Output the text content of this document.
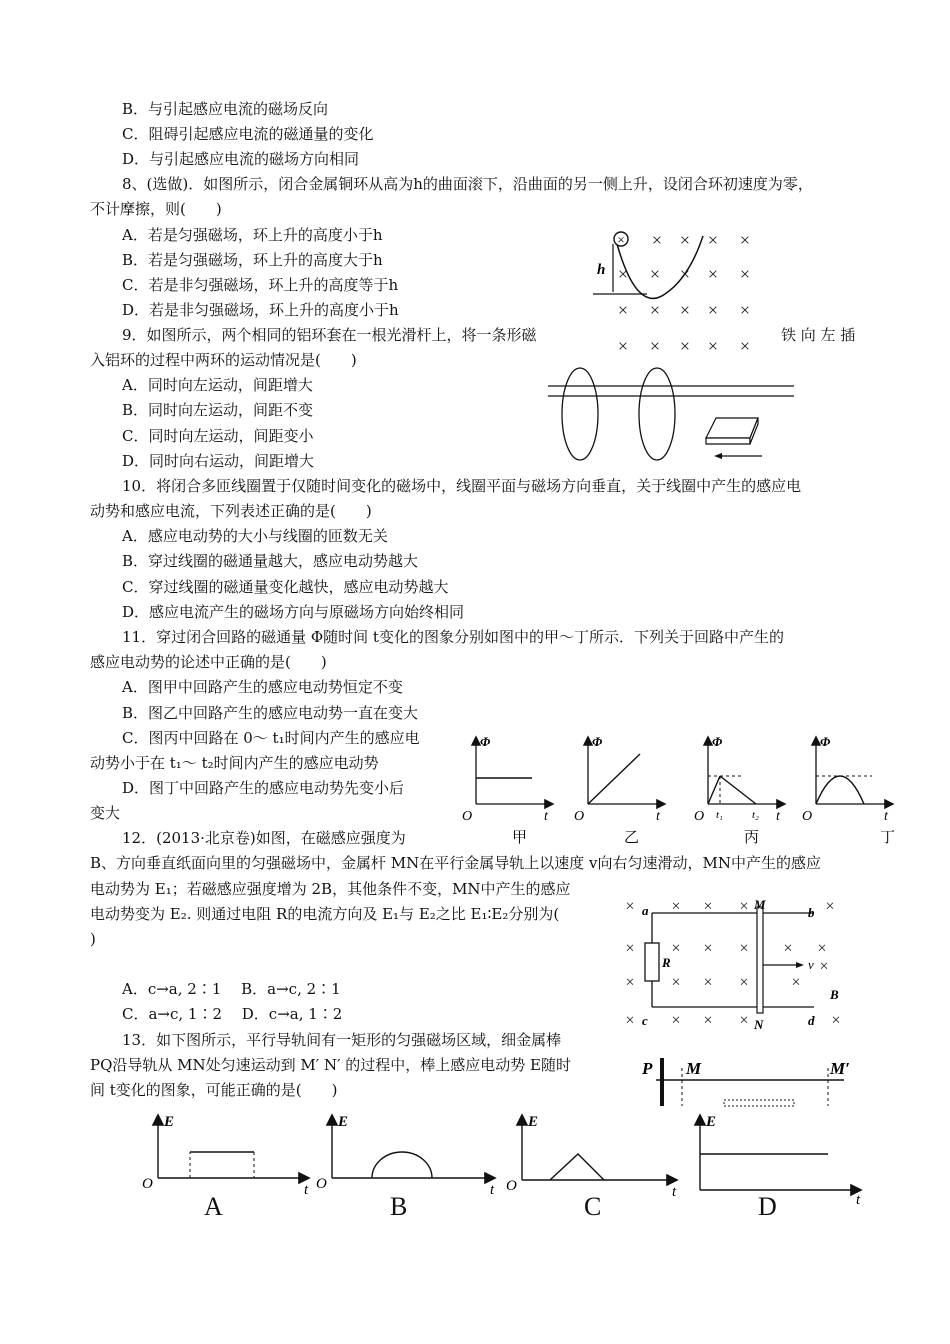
B．与引起感应电流的磁场反向
C．阻碍引起感应电流的磁通量的变化
D．与引起感应电流的磁场方向相同
8、(选做)．如图所示，闭合金属铜环从高为h的曲面滚下，沿曲面的另一侧上升，设闭合环初速度为零，
不计摩擦，则(　　)
A．若是匀强磁场，环上升的高度小于h
B．若是匀强磁场，环上升的高度大于h
C．若是非匀强磁场，环上升的高度等于h
D．若是非匀强磁场，环上升的高度小于h
× × × ×
× × × × ×
× × × × ×
× × × × ×
h
×
9．如图所示，两个相同的铝环套在一根光滑杆上，将一条形磁	铁 向 左 插
入铝环的过程中两环的运动情况是(　　)
A．同时向左运动，间距增大
B．同时向左运动，间距不变
C．同时向左运动，间距变小
D．同时向右运动，间距增大
10．将闭合多匝线圈置于仅随时间变化的磁场中，线圈平面与磁场方向垂直，关于线圈中产生的感应电
动势和感应电流，下列表述正确的是(　　)
A．感应电动势的大小与线圈的匝数无关
B．穿过线圈的磁通量越大，感应电动势越大
C．穿过线圈的磁通量变化越快，感应电动势越大
D．感应电流产生的磁场方向与原磁场方向始终相同
11．穿过闭合回路的磁通量 Φ随时间 t变化的图象分别如图中的甲～丁所示．下列关于回路中产生的
感应电动势的论述中正确的是(　　)
A．图甲中回路产生的感应电动势恒定不变
B．图乙中回路产生的感应电动势一直在变大
C．图丙中回路在 0～ t₁时间内产生的感应电
动势小于在 t₁～ t₂时间内产生的感应电动势
D．图丁中回路产生的感应电动势先变小后
变大
Φ
O	t
甲
Φ
O	t
乙
Φ
O	t
t₁	t₂
丙
Φ
O	t
丁
12．(2013·北京卷)如图，在磁感应强度为
B、方向垂直纸面向里的匀强磁场中，金属杆 MN在平行金属导轨上以速度 v向右匀速滑动，MN中产生的感应
电动势为 E₁；若磁感应强度增为 2B，其他条件不变，MN中产生的感应
电动势变为 E₂. 则通过电阻 R的电流方向及 E₁与 E₂之比 E₁∶E₂分别为(
)
A．c→a, 2∶1　 B．a→c, 2∶1
C．a→c, 1∶2　 D．c→a, 1∶2
× × × ×
× × × × × ×
× × × ×	×
×
× × × ×
×
×
R	v
a	b
c	d
M
N
B
13．如下图所示，平行导轨间有一矩形的匀强磁场区域，细金属棒
PQ沿导轨从 MN处匀速运动到 M′ N′ 的过程中，棒上感应电动势 E随时
间 t变化的图象，可能正确的是(　　)
P M	M′
E
O	t
E
O	t
E
O	t
E
t
A	B	C	D
